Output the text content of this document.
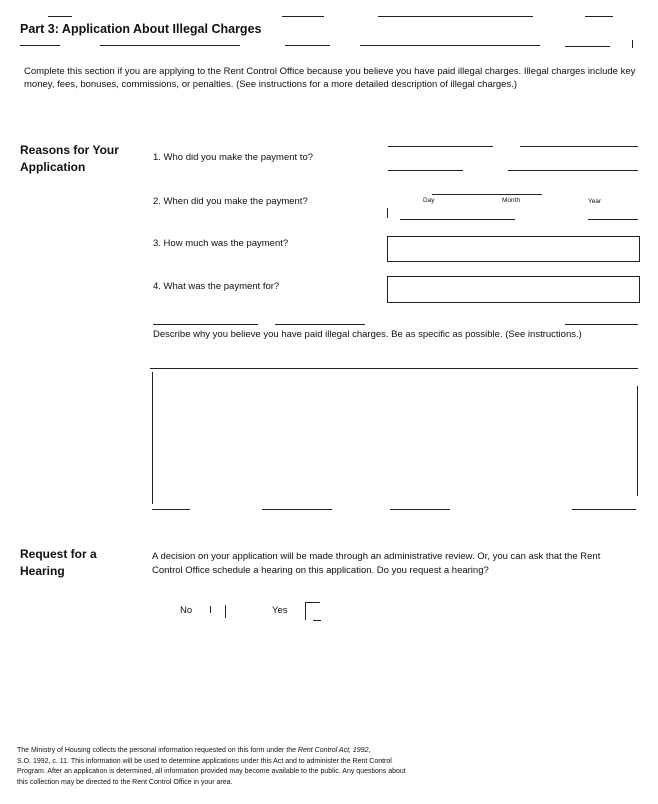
Part 3: Application About Illegal Charges
Complete this section if you are applying to the Rent Control Office because you believe you have paid illegal charges. Illegal charges include key money, fees, bonuses, commissions, or penalties. (See instructions for a more detailed description of illegal charges.)
Reasons for Your Application
1. Who did you make the payment to?
2. When did you make the payment?	Day	Month	Year
3. How much was the payment?
4. What was the payment for?
Describe why you believe you have paid illegal charges. Be as specific as possible. (See instructions.)
Request for a Hearing
A decision on your application will be made through an administrative review. Or, you can ask that the Rent Control Office schedule a hearing on this application. Do you request a hearing?
No	Yes
The Ministry of Housing collects the personal information requested on this form under the Rent Control Act, 1992,
S.O. 1992, c. 11. This information will be used to determine applications under this Act and to administer the Rent Control
Program. After an application is determined, all information provided may become available to the public. Any questions about
this collection may be directed to the Rent Control Office in your area.
